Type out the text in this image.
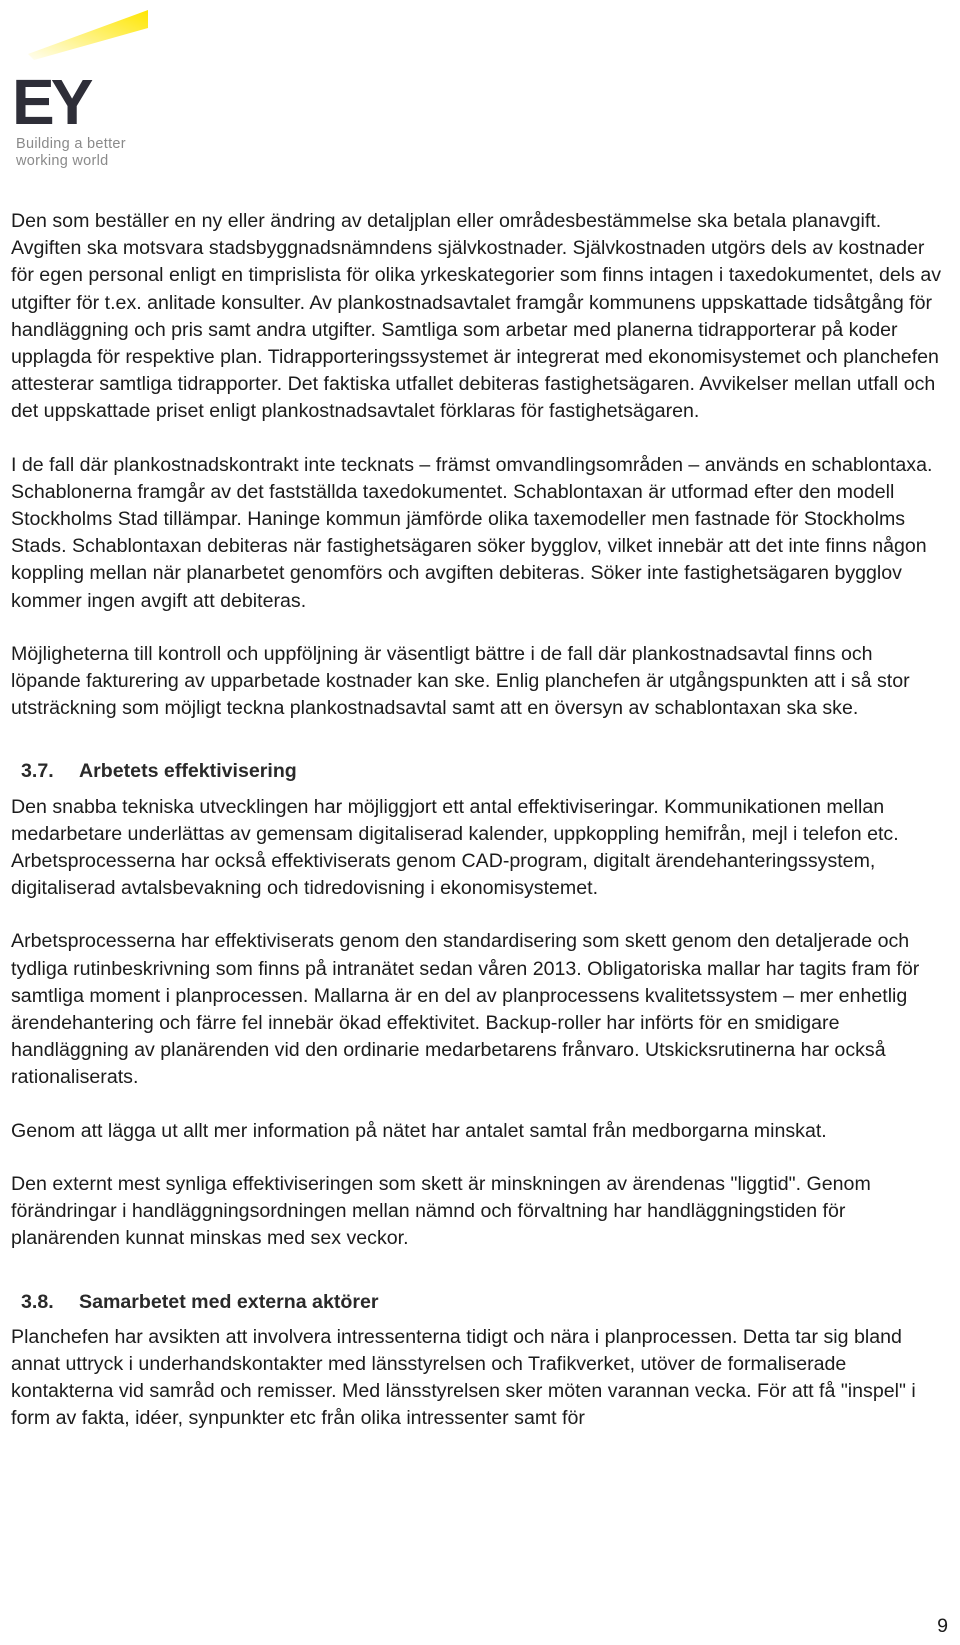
EY
Building a better
working world

Den som beställer en ny eller ändring av detaljplan eller områdesbestämmelse ska betala planavgift. Avgiften ska motsvara stadsbyggnadsnämndens självkostnader. Självkostnaden utgörs dels av kostnader för egen personal enligt en timprislista för olika yrkeskategorier som finns intagen i taxedokumentet, dels av utgifter för t.ex. anlitade konsulter. Av plankostnadsavtalet framgår kommunens uppskattade tidsåtgång för handläggning och pris samt andra utgifter. Samtliga som arbetar med planerna tidrapporterar på koder upplagda för respektive plan. Tidrapporteringssystemet är integrerat med ekonomisystemet och planchefen attesterar samtliga tidrapporter. Det faktiska utfallet debiteras fastighetsägaren. Avvikelser mellan utfall och det uppskattade priset enligt plankostnadsavtalet förklaras för fastighetsägaren.

I de fall där plankostnadskontrakt inte tecknats – främst omvandlingsområden – används en schablontaxa. Schablonerna framgår av det fastställda taxedokumentet. Schablontaxan är utformad efter den modell Stockholms Stad tillämpar. Haninge kommun jämförde olika taxemodeller men fastnade för Stockholms Stads. Schablontaxan debiteras när fastighetsägaren söker bygglov, vilket innebär att det inte finns någon koppling mellan när planarbetet genomförs och avgiften debiteras. Söker inte fastighetsägaren bygglov kommer ingen avgift att debiteras.

Möjligheterna till kontroll och uppföljning är väsentligt bättre i de fall där plankostnadsavtal finns och löpande fakturering av upparbetade kostnader kan ske. Enlig planchefen är utgångspunkten att i så stor utsträckning som möjligt teckna plankostnadsavtal samt att en översyn av schablontaxan ska ske.

3.7. Arbetets effektivisering

Den snabba tekniska utvecklingen har möjliggjort ett antal effektiviseringar. Kommunikationen mellan medarbetare underlättas av gemensam digitaliserad kalender, uppkoppling hemifrån, mejl i telefon etc. Arbetsprocesserna har också effektiviserats genom CAD-program, digitalt ärendehanteringssystem, digitaliserad avtalsbevakning och tidredovisning i ekonomisystemet.

Arbetsprocesserna har effektiviserats genom den standardisering som skett genom den detaljerade och tydliga rutinbeskrivning som finns på intranätet sedan våren 2013. Obligatoriska mallar har tagits fram för samtliga moment i planprocessen. Mallarna är en del av planprocessens kvalitetssystem – mer enhetlig ärendehantering och färre fel innebär ökad effektivitet. Backup-roller har införts för en smidigare handläggning av planärenden vid den ordinarie medarbetarens frånvaro. Utskicksrutinerna har också rationaliserats.

Genom att lägga ut allt mer information på nätet har antalet samtal från medborgarna minskat.

Den externt mest synliga effektiviseringen som skett är minskningen av ärendenas "liggtid". Genom förändringar i handläggningsordningen mellan nämnd och förvaltning har handläggningstiden för planärenden kunnat minskas med sex veckor.

3.8. Samarbetet med externa aktörer

Planchefen har avsikten att involvera intressenterna tidigt och nära i planprocessen. Detta tar sig bland annat uttryck i underhandskontakter med länsstyrelsen och Trafikverket, utöver de formaliserade kontakterna vid samråd och remisser. Med länsstyrelsen sker möten varannan vecka. För att få "inspel" i form av fakta, idéer, synpunkter etc från olika intressenter samt för

9
